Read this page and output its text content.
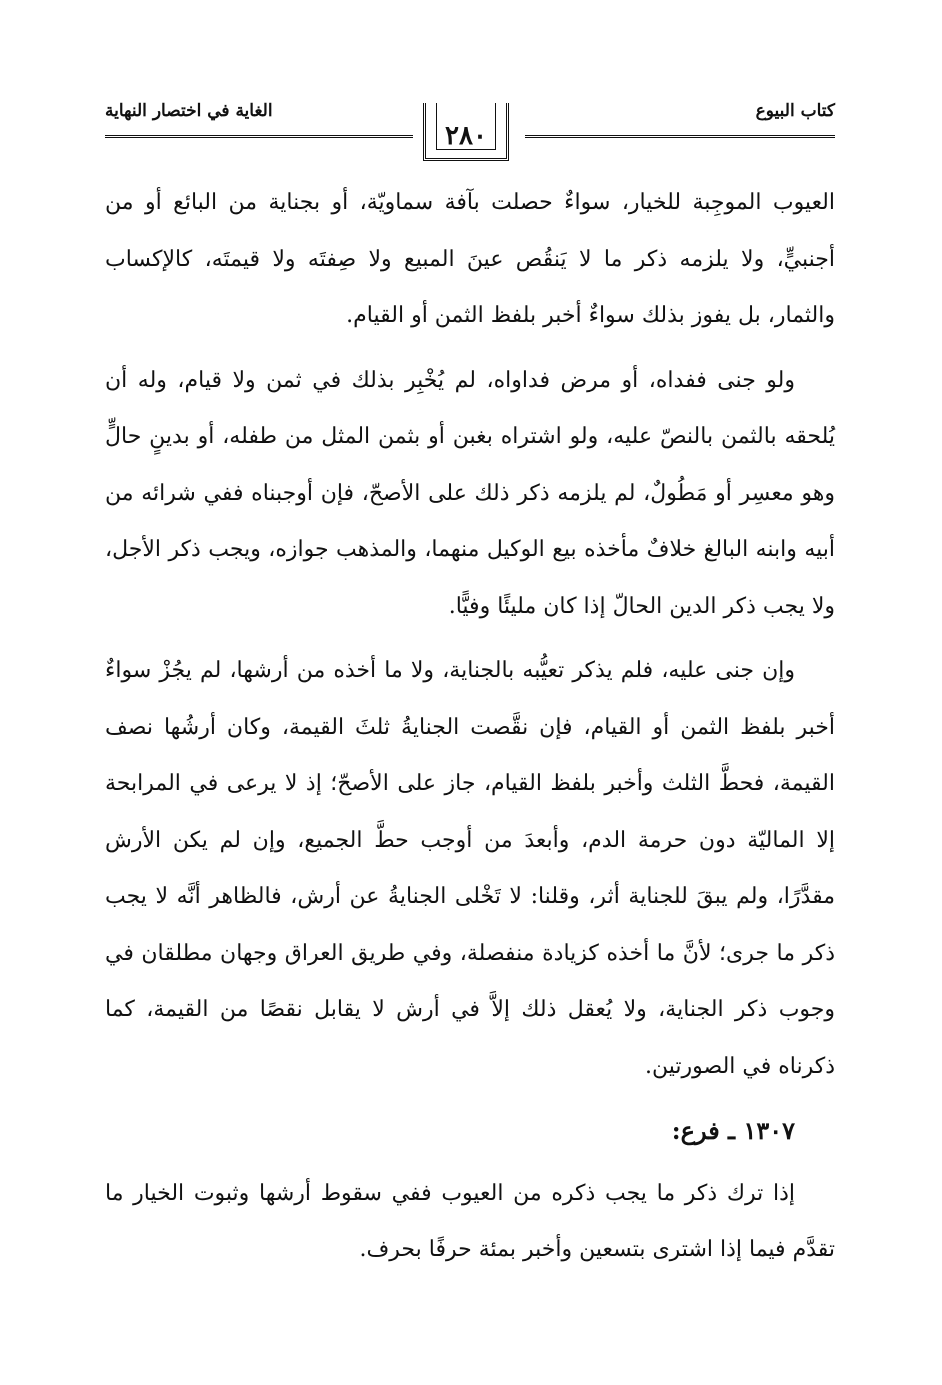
كتاب البيوع
الغاية في اختصار النهاية
٢٨٠

العيوب الموجِبة للخيار، سواءٌ حصلت بآفة سماويّة، أو بجناية من البائع أو من أجنبيٍّ، ولا يلزمه ذكر ما لا يَنقُص عينَ المبيع ولا صِفتَه ولا قيمتَه، كالإكساب والثمار، بل يفوز بذلك سواءٌ أخبر بلفظ الثمن أو القيام.

ولو جنى ففداه، أو مرض فداواه، لم يُخْبِر بذلك في ثمن ولا قيام، وله أن يُلحقه بالثمن بالنصّ عليه، ولو اشتراه بغبن أو بثمن المثل من طفله، أو بدينٍ حالٍّ وهو معسِر أو مَطُولٌ، لم يلزمه ذكر ذلك على الأصحّ، فإن أوجبناه ففي شرائه من أبيه وابنه البالغ خلافٌ مأخذه بيع الوكيل منهما، والمذهب جوازه، ويجب ذكر الأجل، ولا يجب ذكر الدين الحالّ إذا كان مليئًا وفيًّا.

وإن جنى عليه، فلم يذكر تعيُّبه بالجناية، ولا ما أخذه من أرشها، لم يجُزْ سواءٌ أخبر بلفظ الثمن أو القيام، فإن نقَّصت الجنايةُ ثلثَ القيمة، وكان أرشُها نصف القيمة، فحطَّ الثلث وأخبر بلفظ القيام، جاز على الأصحّ؛ إذ لا يرعى في المرابحة إلا الماليّة دون حرمة الدم، وأبعدَ من أوجب حطَّ الجميع، وإن لم يكن الأرش مقدَّرًا، ولم يبقَ للجناية أثر، وقلنا: لا تَخْلى الجنايةُ عن أرش، فالظاهر أنَّه لا يجب ذكر ما جرى؛ لأنَّ ما أخذه كزيادة منفصلة، وفي طريق العراق وجهان مطلقان في وجوب ذكر الجناية، ولا يُعقل ذلك إلاَّ في أرش لا يقابل نقصًا من القيمة، كما ذكرناه في الصورتين.

١٣٠٧ ـ فرع:

إذا ترك ذكر ما يجب ذكره من العيوب ففي سقوط أرشها وثبوت الخيار ما تقدَّم فيما إذا اشترى بتسعين وأخبر بمئة حرفًا بحرف.
